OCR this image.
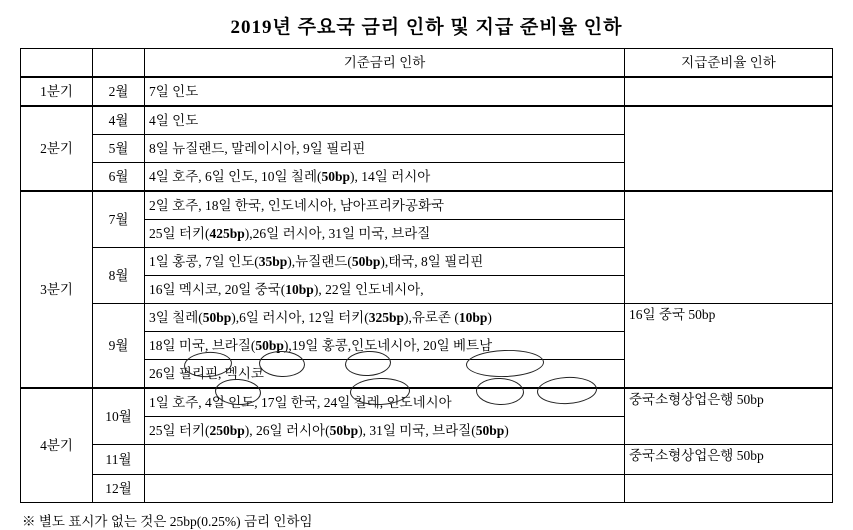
2019년 주요국 금리 인하 및 지급 준비율 인하
		기준금리 인하	지급준비율 인하
1분기	2월	7일 인도	
2분기	4월	4일 인도	
	5월	8일 뉴질랜드, 말레이시아, 9일 필리핀	
	6월	4일 호주, 6일 인도, 10일 칠레(50bp), 14일 러시아	
3분기	7월	2일 호주, 18일 한국, 인도네시아, 남아프리카공화국	
		25일 터키(425bp),26일 러시아, 31일 미국, 브라질	
	8월	1일 홍콩, 7일 인도(35bp),뉴질랜드(50bp),태국, 8일 필리핀	
		16일 멕시코, 20일 중국(10bp), 22일 인도네시아,	
	9월	3일 칠레(50bp),6일 러시아, 12일 터키(325bp),유로존 (10bp)	16일 중국 50bp
		18일 미국, 브라질(50bp),19일 홍콩,인도네시아, 20일 베트남	
		26일 필리핀, 멕시코	
4분기	10월	1일 호주, 4일 인도, 17일 한국, 24일 칠레, 인도네시아	중국소형상업은행 50bp
		25일 터키(250bp), 26일 러시아(50bp), 31일 미국, 브라질(50bp)	
	11월		중국소형상업은행 50bp
	12월		
※ 별도 표시가 없는 것은 25bp(0.25%) 금리 인하임
